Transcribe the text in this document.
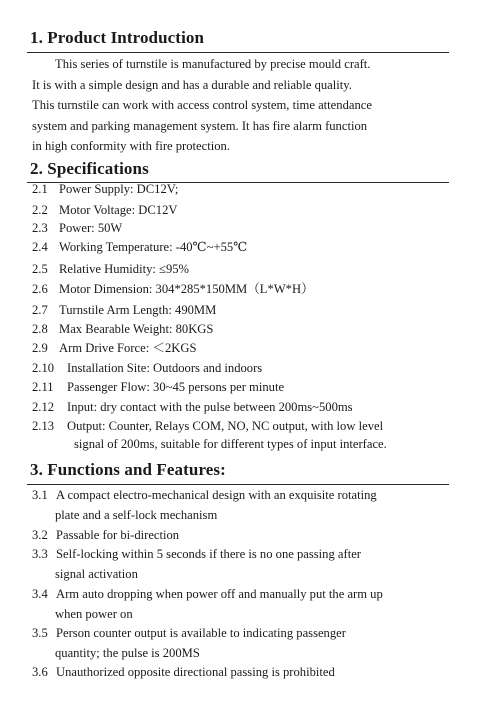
1. Product Introduction
This series of turnstile is manufactured by precise mould craft.
It is with a simple design and has a durable and reliable quality.
This turnstile can work with access control system, time attendance
system and parking management system. It has fire alarm function
in high conformity with fire protection.
2. Specifications
2.1 Power Supply: DC12V;
2.2 Motor Voltage: DC12V
2.3 Power: 50W
2.4 Working Temperature: -40℃~+55℃
2.5 Relative Humidity: ≤95%
2.6 Motor Dimension: 304*285*150MM（L*W*H）
2.7 Turnstile Arm Length: 490MM
2.8 Max Bearable Weight: 80KGS
2.9 Arm Drive Force: ＜2KGS
2.10 Installation Site: Outdoors and indoors
2.11 Passenger Flow: 30~45 persons per minute
2.12 Input: dry contact with the pulse between 200ms~500ms
2.13 Output: Counter, Relays COM, NO, NC output, with low level
signal of 200ms, suitable for different types of input interface.
3. Functions and Features:
3.1 A compact electro-mechanical design with an exquisite rotating
plate and a self-lock mechanism
3.2 Passable for bi-direction
3.3 Self-locking within 5 seconds if there is no one passing after
signal activation
3.4 Arm auto dropping when power off and manually put the arm up
when power on
3.5 Person counter output is available to indicating passenger
quantity; the pulse is 200MS
3.6 Unauthorized opposite directional passing is prohibited
